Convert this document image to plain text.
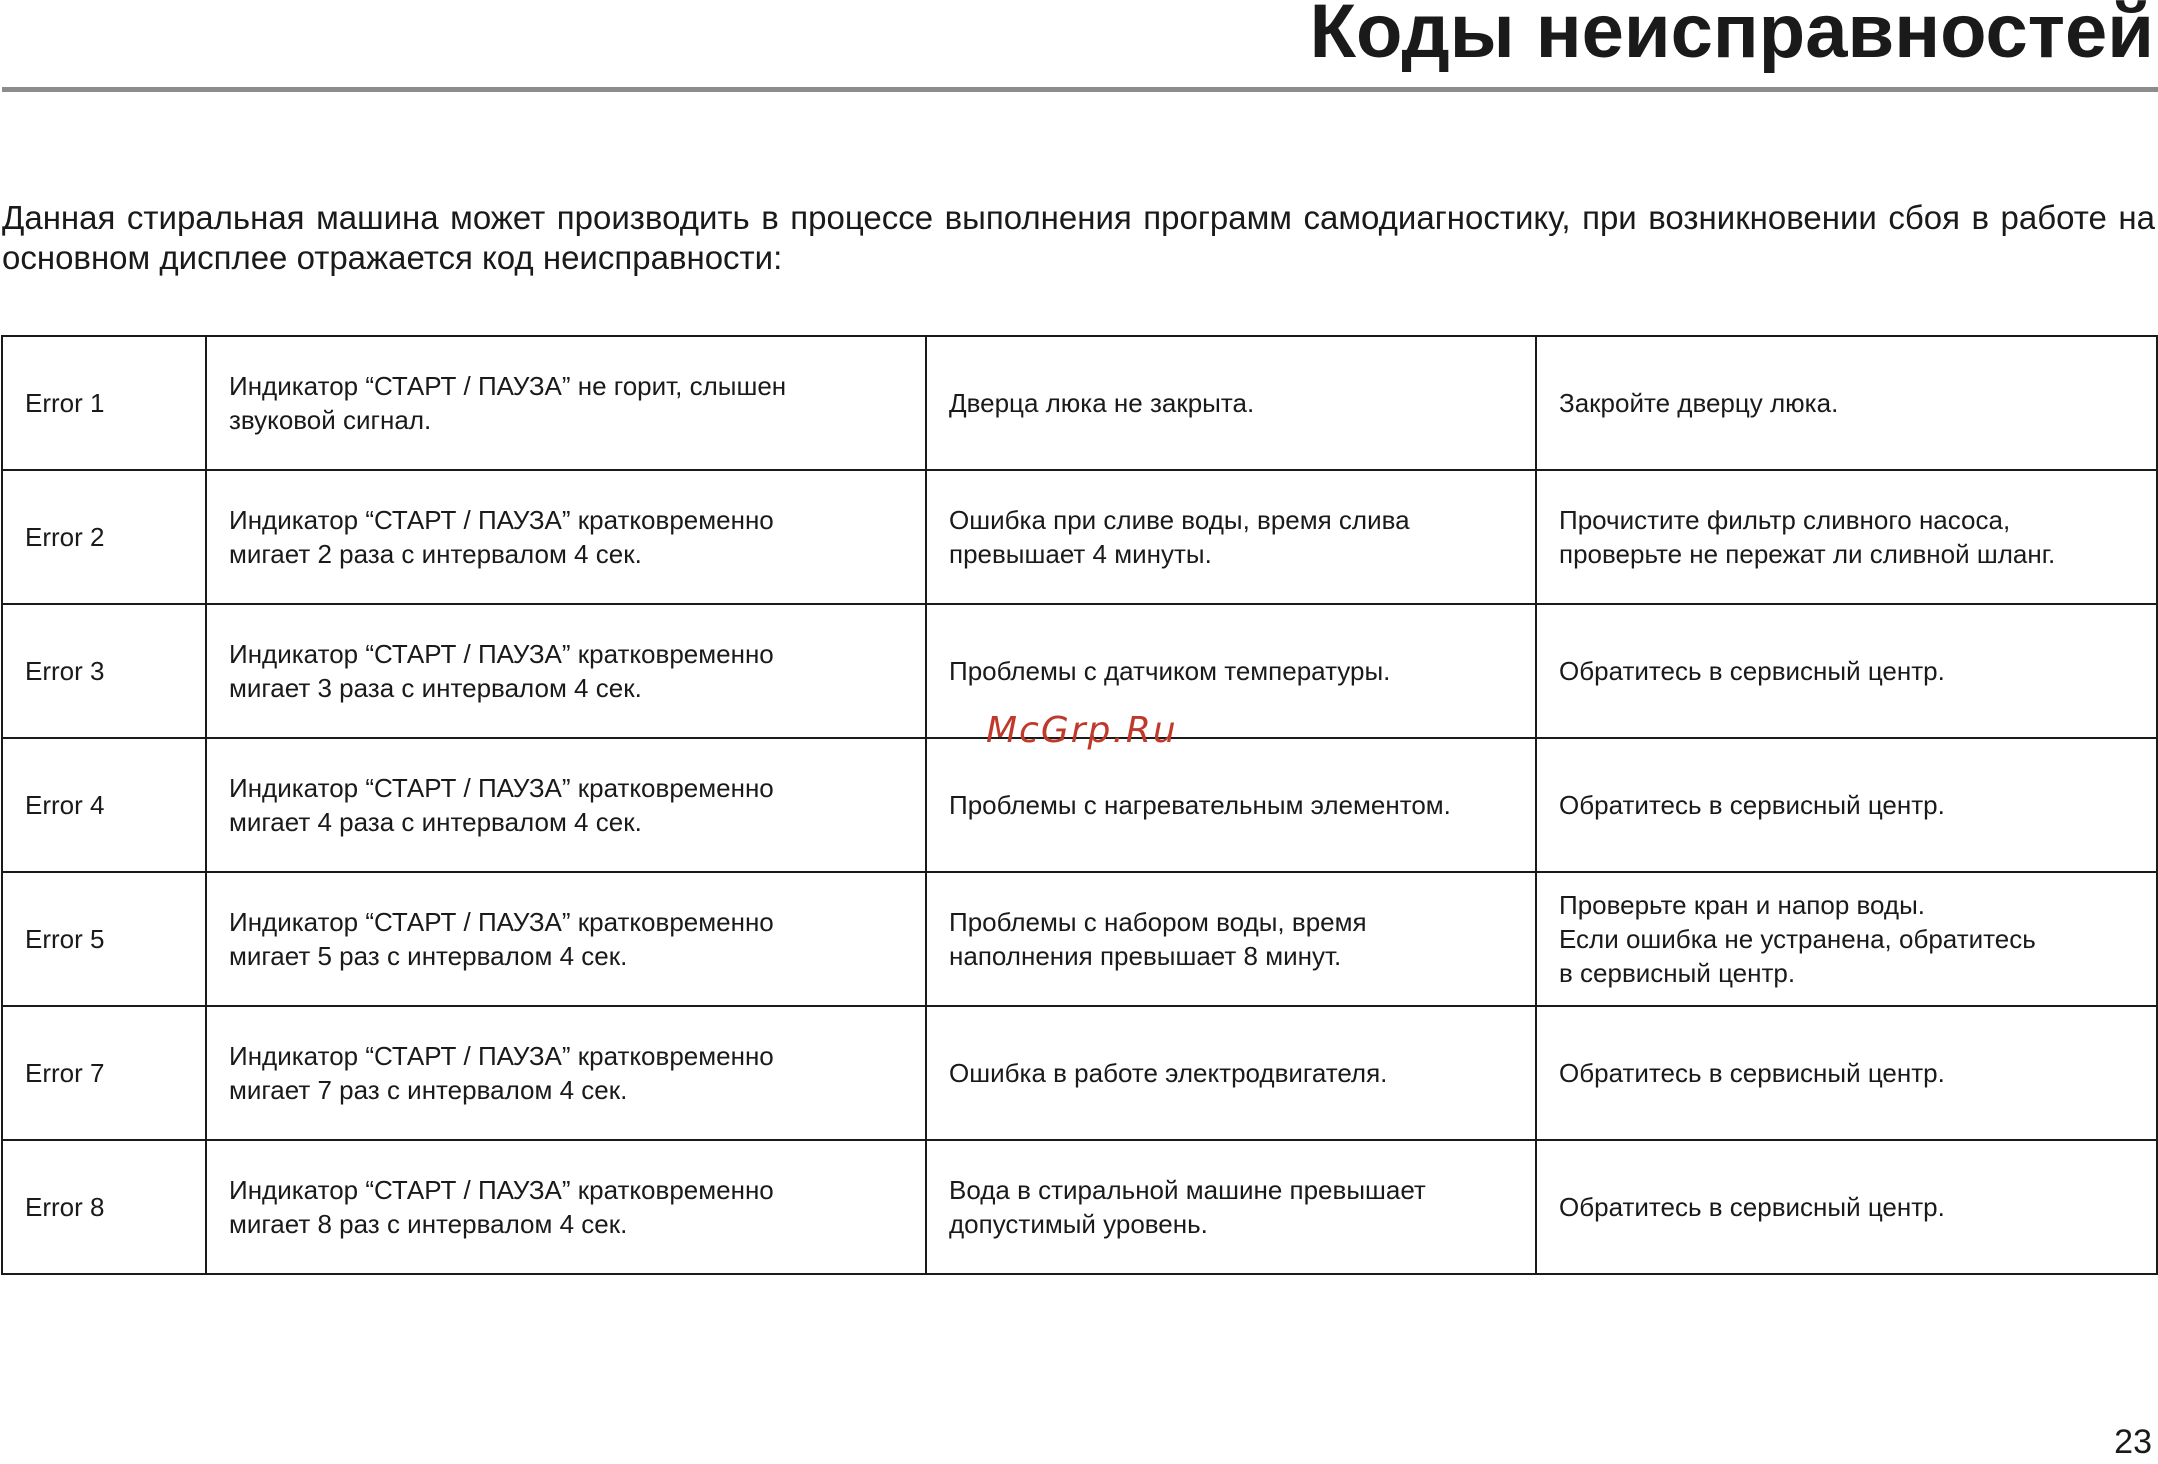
Коды неисправностей

Данная стиральная машина может производить в процессе выполнения программ самодиагностику, при возникновении сбоя в работе на основном дисплее отражается код неисправности:

Error 1	Индикатор “СТАРТ / ПАУЗА” не горит, слышен
звуковой сигнал.	Дверца люка не закрыта.	Закройте дверцу люка.
Error 2	Индикатор “СТАРТ / ПАУЗА” кратковременно
мигает 2 раза с интервалом 4 сек.	Ошибка при сливе воды, время слива
превышает 4 минуты.	Прочистите фильтр сливного насоса,
проверьте не пережат ли сливной шланг.
Error 3	Индикатор “СТАРТ / ПАУЗА” кратковременно
мигает 3 раза с интервалом 4 сек.	Проблемы с датчиком температуры.	Обратитесь в сервисный центр.
Error 4	Индикатор “СТАРТ / ПАУЗА” кратковременно
мигает 4 раза с интервалом 4 сек.	Проблемы с нагревательным элементом.	Обратитесь в сервисный центр.
Error 5	Индикатор “СТАРТ / ПАУЗА” кратковременно
мигает 5 раз с интервалом 4 сек.	Проблемы с набором воды, время
наполнения превышает 8 минут.	Проверьте кран и напор воды.
Если ошибка не устранена, обратитесь
в сервисный центр.
Error 7	Индикатор “СТАРТ / ПАУЗА” кратковременно
мигает 7 раз с интервалом 4 сек.	Ошибка в работе электродвигателя.	Обратитесь в сервисный центр.
Error 8	Индикатор “СТАРТ / ПАУЗА” кратковременно
мигает 8 раз с интервалом 4 сек.	Вода в стиральной машине превышает
допустимый уровень.	Обратитесь в сервисный центр.
McGrp.Ru
23
